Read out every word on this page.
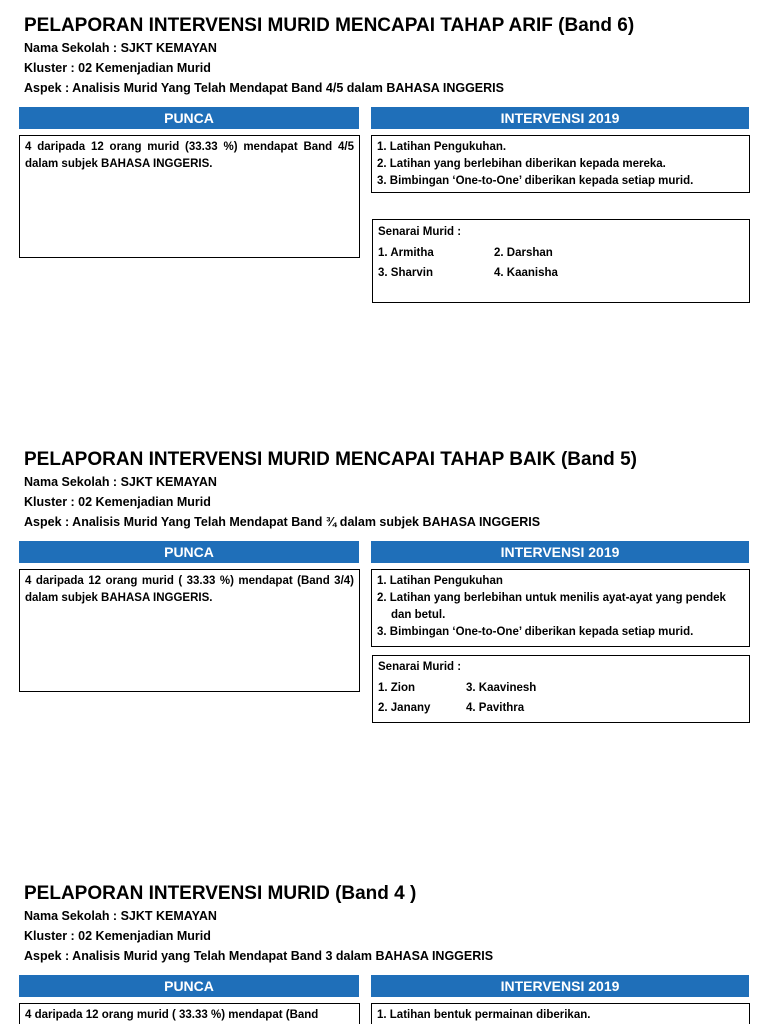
PELAPORAN INTERVENSI MURID MENCAPAI TAHAP ARIF (Band 6)

Nama Sekolah : SJKT KEMAYAN

Kluster : 02 Kemenjadian Murid

Aspek : Analisis Murid Yang Telah Mendapat Band 4/5 dalam BAHASA INGGERIS

PUNCA	INTERVENSI 2019
4 daripada 12 orang murid (33.33 %) mendapat Band 4/5 dalam subjek BAHASA INGGERIS.
1. Latihan Pengukuhan.
2. Latihan yang berlebihan diberikan kepada mereka.
3. Bimbingan ‘One-to-One’ diberikan kepada setiap murid.

Senarai Murid :

1. Armitha	2. Darshan
3. Sharvin	4. Kaanisha
PELAPORAN INTERVENSI MURID MENCAPAI TAHAP BAIK (Band 5)

Nama Sekolah : SJKT KEMAYAN

Kluster : 02 Kemenjadian Murid

Aspek : Analisis Murid Yang Telah Mendapat Band ¾ dalam subjek BAHASA INGGERIS

PUNCA	INTERVENSI 2019
4 daripada 12 orang murid ( 33.33 %) mendapat (Band 3/4) dalam subjek BAHASA INGGERIS.
1. Latihan Pengukuhan
2. Latihan yang berlebihan untuk menilis ayat-ayat yang pendek dan betul.
3. Bimbingan ‘One-to-One’ diberikan kepada setiap murid.

Senarai Murid :

1. Zion	3. Kaavinesh
2. Janany	4. Pavithra
PELAPORAN INTERVENSI MURID (Band 4 )

Nama Sekolah : SJKT KEMAYAN

Kluster : 02 Kemenjadian Murid

Aspek : Analisis Murid yang Telah Mendapat Band 3 dalam BAHASA INGGERIS

PUNCA	INTERVENSI 2019
4 daripada 12 orang murid ( 33.33 %) mendapat (Band	1. Latihan bentuk permainan diberikan.
